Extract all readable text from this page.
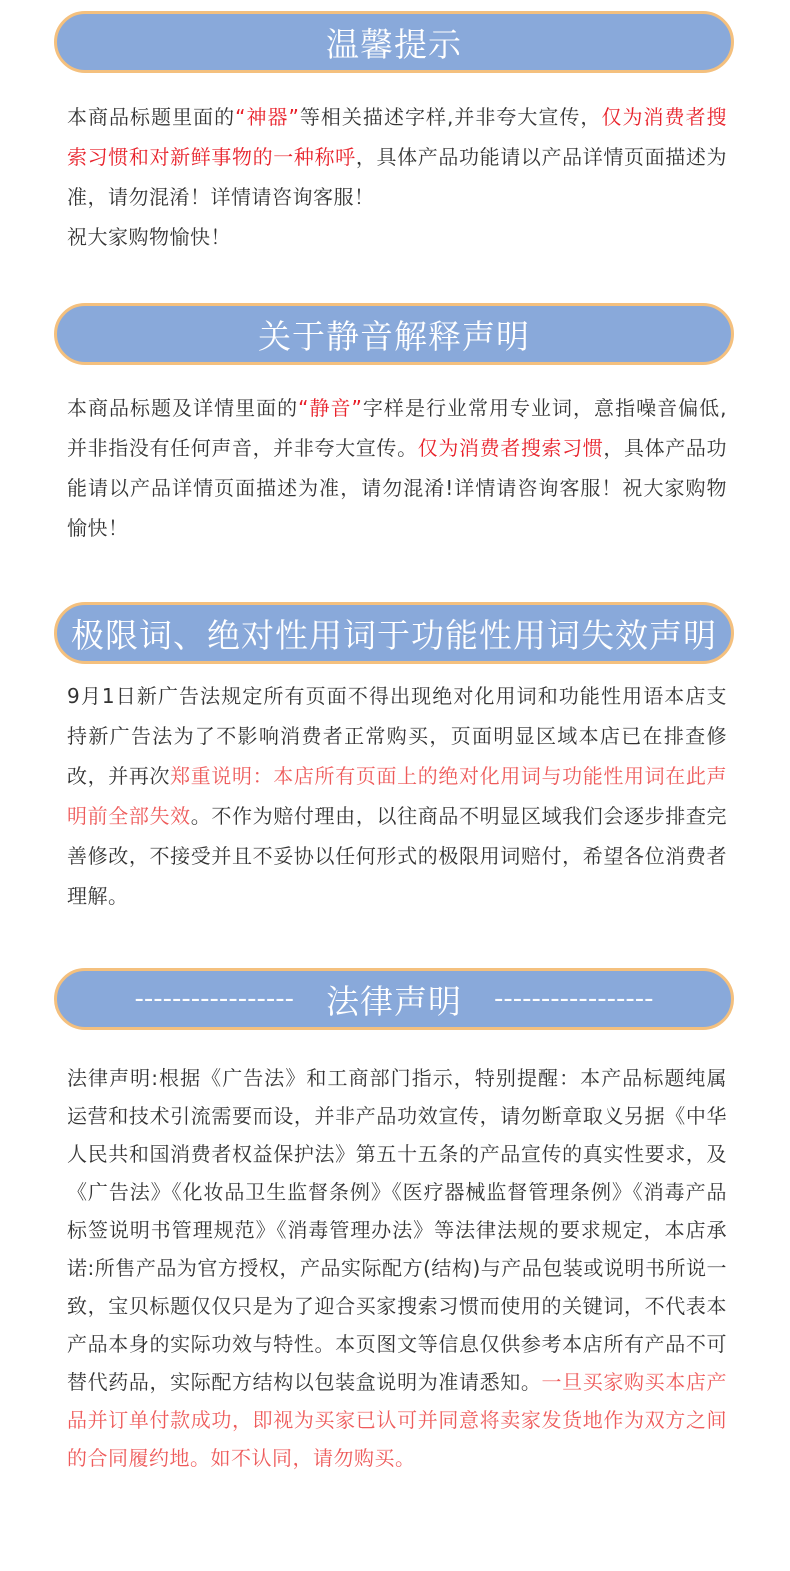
温馨提示

本商品标题里面的“神器”等相关描述字样,并非夸大宣传，仅为消费者搜索习惯和对新鲜事物的一种称呼，具体产品功能请以产品详情页面描述为准，请勿混淆！详情请咨询客服！
祝大家购物愉快！

关于静音解释声明

本商品标题及详情里面的“静音”字样是行业常用专业词，意指噪音偏低,并非指没有任何声音，并非夸大宣传。仅为消费者搜索习惯，具体产品功能请以产品详情页面描述为准，请勿混淆!详情请咨询客服！祝大家购物愉快！

极限词、绝对性用词于功能性用词失效声明

9月1日新广告法规定所有页面不得出现绝对化用词和功能性用语本店支持新广告法为了不影响消费者正常购买，页面明显区域本店已在排查修改，并再次郑重说明：本店所有页面上的绝对化用词与功能性用词在此声明前全部失效。不作为赔付理由，以往商品不明显区域我们会逐步排查完善修改，不接受并且不妥协以任何形式的极限用词赔付，希望各位消费者理解。

----------------- 法律声明 -----------------

法律声明:根据《广告法》和工商部门指示，特别提醒：本产品标题纯属运营和技术引流需要而设，并非产品功效宣传，请勿断章取义另据《中华人民共和国消费者权益保护法》第五十五条的产品宣传的真实性要求，及《广告法》《化妆品卫生监督条例》《医疗器械监督管理条例》《消毒产品标签说明书管理规范》《消毒管理办法》等法律法规的要求规定，本店承诺:所售产品为官方授权，产品实际配方(结构)与产品包装或说明书所说一致，宝贝标题仅仅只是为了迎合买家搜索习惯而使用的关键词，不代表本产品本身的实际功效与特性。本页图文等信息仅供参考本店所有产品不可替代药品，实际配方结构以包装盒说明为准请悉知。一旦买家购买本店产品并订单付款成功，即视为买家已认可并同意将卖家发货地作为双方之间的合同履约地。如不认同，请勿购买。
